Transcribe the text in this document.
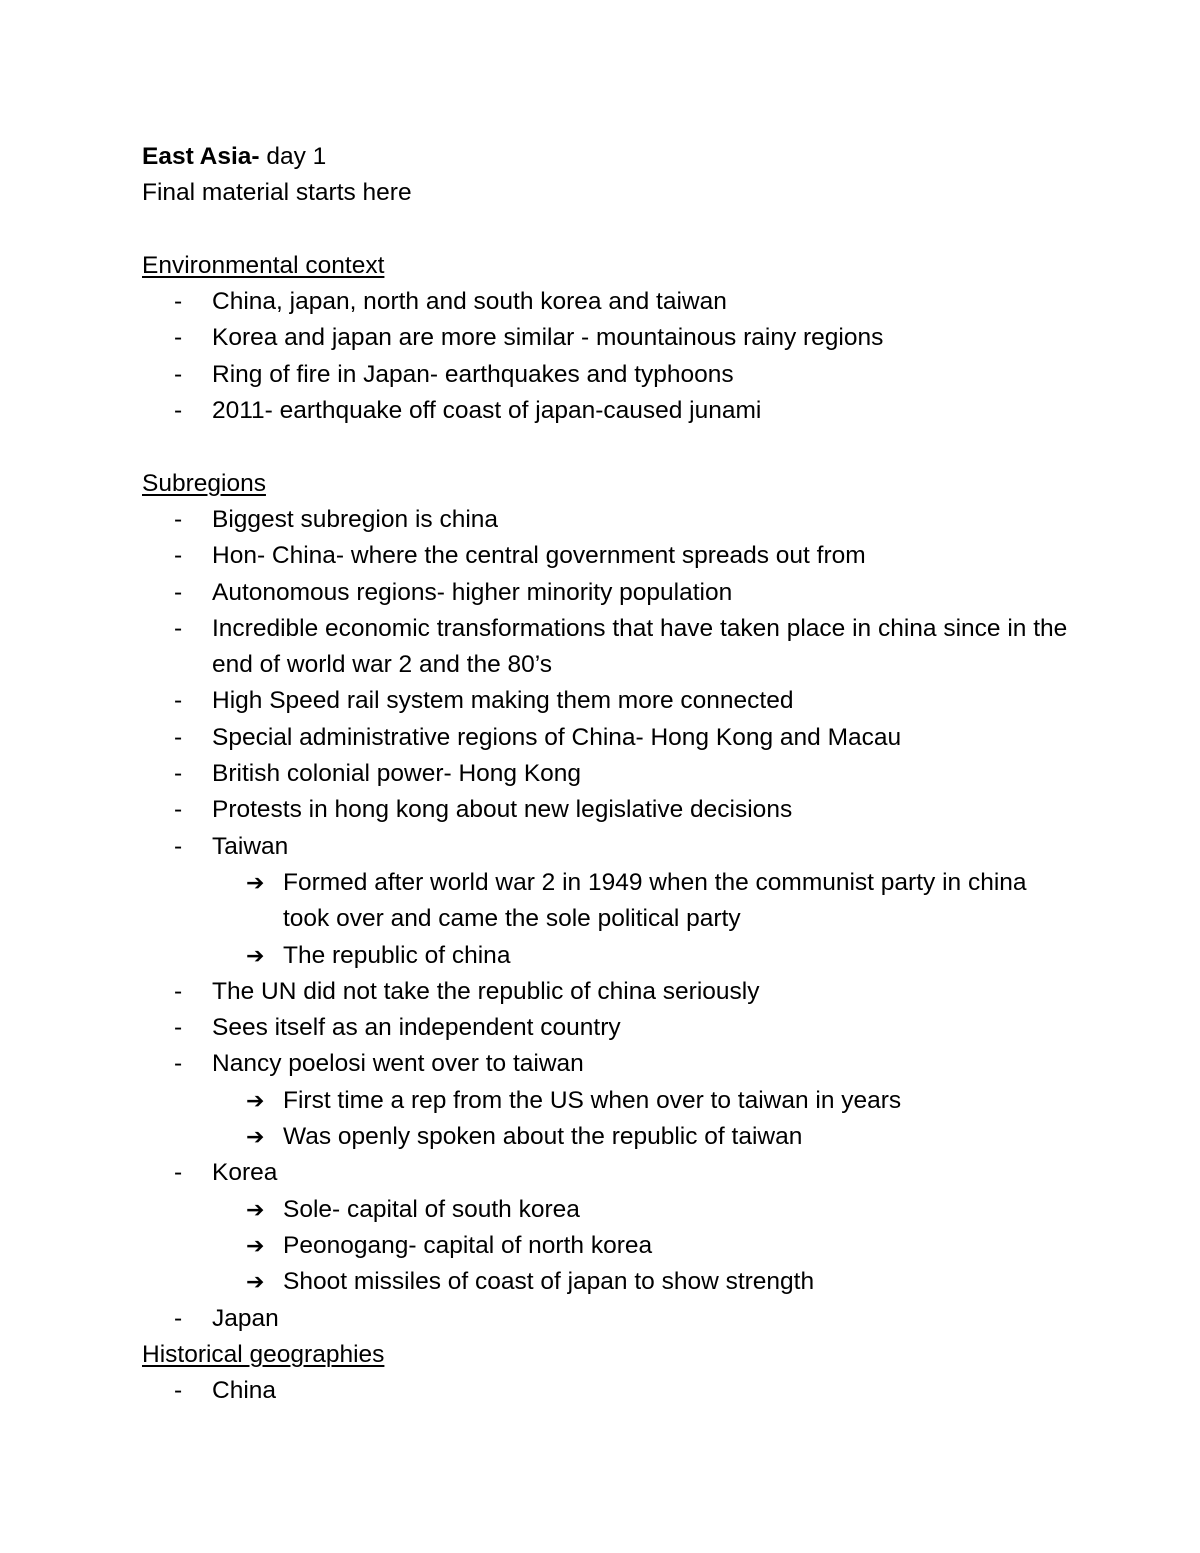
East Asia- day 1
Final material starts here
Environmental context
- China, japan, north and south korea and taiwan
- Korea and japan are more similar - mountainous rainy regions
- Ring of fire in Japan- earthquakes and typhoons
- 2011- earthquake off coast of japan-caused junami
Subregions
- Biggest subregion is china
- Hon- China- where the central government spreads out from
- Autonomous regions- higher minority population
- Incredible economic transformations that have taken place in china since in the end of world war 2 and the 80’s
- High Speed rail system making them more connected
- Special administrative regions of China- Hong Kong and Macau
- British colonial power- Hong Kong
- Protests in hong kong about new legislative decisions
- Taiwan
➔ Formed after world war 2 in 1949 when the communist party in china took over and came the sole political party
➔ The republic of china
- The UN did not take the republic of china seriously
- Sees itself as an independent country
- Nancy poelosi went over to taiwan
➔ First time a rep from the US when over to taiwan in years
➔ Was openly spoken about the republic of taiwan
- Korea
➔ Sole- capital of south korea
➔ Peonogang- capital of north korea
➔ Shoot missiles of coast of japan to show strength
- Japan
Historical geographies
- China
